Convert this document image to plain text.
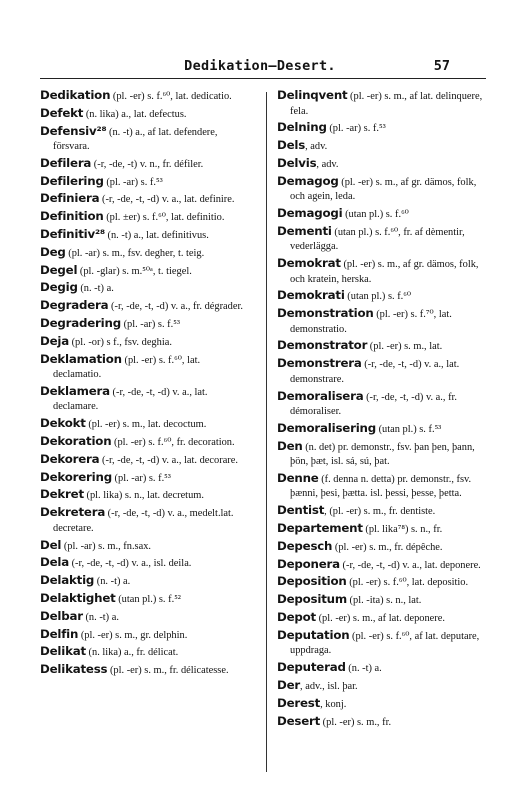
Dedikation—Desert.	57
Dedikation (pl. -er) s. f.⁶⁰, lat. dedicatio.
Defekt (n. lika) a., lat. defectus.
Defensiv²⁸ (n. -t) a., af lat. defendere, försvara.
Defilera (-r, -de, -t) v. n., fr. défiler.
Defilering (pl. -ar) s. f.⁵³
Definiera (-r, -de, -t, -d) v. a., lat. definire.
Definition (pl. ±er) s. f.⁶⁰, lat. definitio.
Definitiv²⁸ (n. -t) a., lat. definitivus.
Deg (pl. -ar) s. m., fsv. degher, t. teig.
Degel (pl. -glar) s. m.⁵⁰ᵃ, t. tiegel.
Degig (n. -t) a.
Degradera (-r, -de, -t, -d) v. a., fr. dégrader.
Degradering (pl. -ar) s. f.⁵³
Deja (pl. -or) s f., fsv. deghia.
Deklamation (pl. -er) s. f.⁶⁰, lat. declamatio.
Deklamera (-r, -de, -t, -d) v. a., lat. declamare.
Dekokt (pl. -er) s. m., lat. decoctum.
Dekoration (pl. -er) s. f.⁶⁰, fr. decoration.
Dekorera (-r, -de, -t, -d) v. a., lat. decorare.
Dekorering (pl. -ar) s. f.⁵³
Dekret (pl. lika) s. n., lat. decretum.
Dekretera (-r, -de, -t, -d) v. a., medelt.lat. decretare.
Del (pl. -ar) s. m., fn.sax.
Dela (-r, -de, -t, -d) v. a., isl. deila.
Delaktig (n. -t) a.
Delaktighet (utan pl.) s. f.⁵²
Delbar (n. -t) a.
Delfin (pl. -er) s. m., gr. delphin.
Delikat (n. lika) a., fr. délicat.
Delikatess (pl. -er) s. m., fr. délicatesse.
Delinqvent (pl. -er) s. m., af lat. delinquere, fela.
Delning (pl. -ar) s. f.⁵³
Dels, adv.
Delvis, adv.
Demagog (pl. -er) s. m., af gr. dämos, folk, och agein, leda.
Demagogi (utan pl.) s. f.⁶⁰
Dementi (utan pl.) s. f.⁶⁰, fr. af dèmentir, vederlägga.
Demokrat (pl. -er) s. m., af gr. dämos, folk, och kratein, herska.
Demokrati (utan pl.) s. f.⁶⁰
Demonstration (pl. -er) s. f.⁷⁰, lat. demonstratio.
Demonstrator (pl. -er) s. m., lat.
Demonstrera (-r, -de, -t, -d) v. a., lat. demonstrare.
Demoralisera (-r, -de, -t, -d) v. a., fr. démoraliser.
Demoralisering (utan pl.) s. f.⁵³
Den (n. det) pr. demonstr., fsv. þan þen, þann, þön, þæt, isl. sá, sú, þat.
Denne (f. denna n. detta) pr. demonstr., fsv. þænni, þesi, þætta. isl. þessi, þesse, þetta.
Dentist, (pl. -er) s. m., fr. dentiste.
Departement (pl. lika⁷⁸) s. n., fr.
Depesch (pl. -er) s. m., fr. dépêche.
Deponera (-r, -de, -t, -d) v. a., lat. deponere.
Deposition (pl. -er) s. f.⁶⁰, lat. depositio.
Depositum (pl. -ita) s. n., lat.
Depot (pl. -er) s. m., af lat. deponere.
Deputation (pl. -er) s. f.⁶⁰, af lat. deputare, uppdraga.
Deputerad (n. -t) a.
Der, adv., isl. þar.
Derest, konj.
Desert (pl. -er) s. m., fr.
